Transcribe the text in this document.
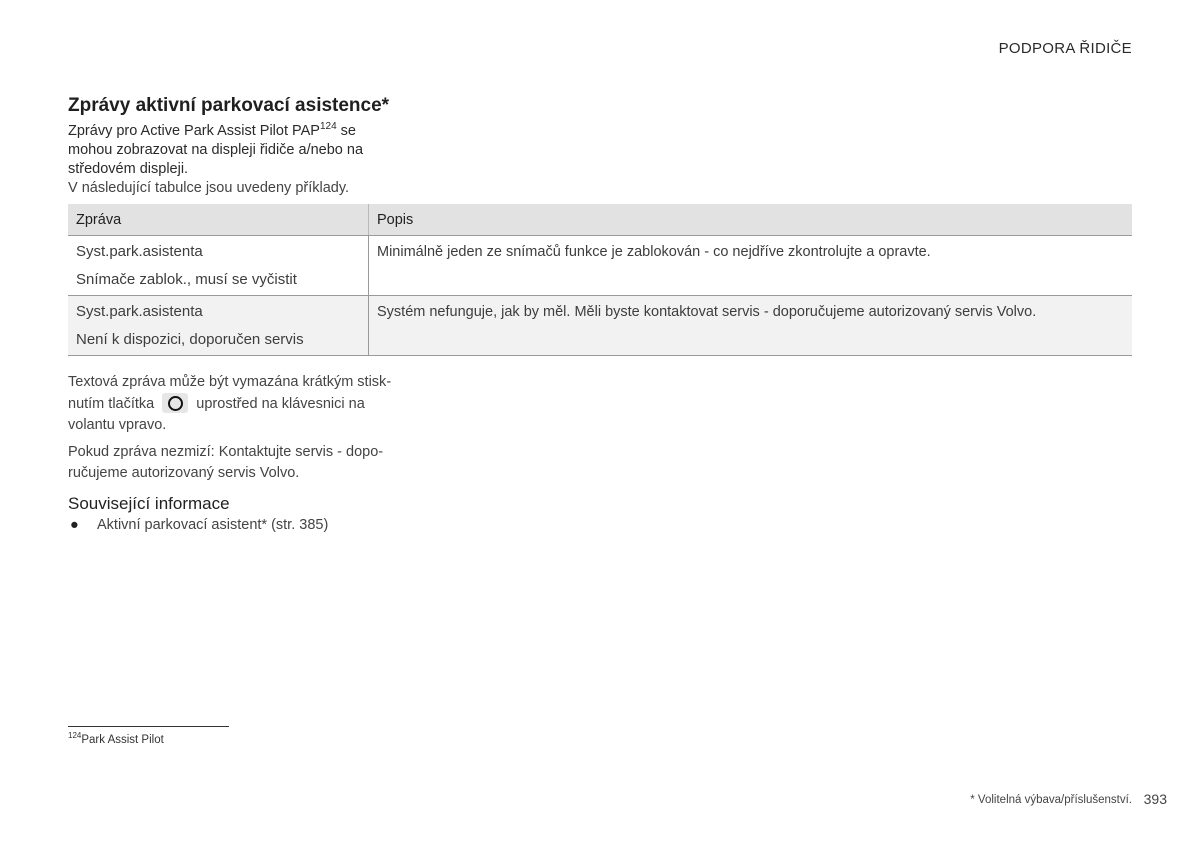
PODPORA ŘIDIČE
Zprávy aktivní parkovací asistence*
Zprávy pro Active Park Assist Pilot PAP$^{124}$ se mohou zobrazovat na displeji řidiče a/nebo na středovém displeji.
V následující tabulce jsou uvedeny příklady.
Zpráva	Popis

Syst.park.asistenta
Snímače zablok., musí se vyčistit	Minimálně jeden ze snímačů funkce je zablokován - co nejdříve zkontrolujte a opravte.

Syst.park.asistenta
Není k dispozici, doporučen servis	Systém nefunguje, jak by měl. Měli byste kontaktovat servis - doporučujeme autorizovaný servis Volvo.

Textová zpráva může být vymazána krátkým stisknutím tlačítka	uprostřed na klávesnici na volantu vpravo.

Pokud zpráva nezmizí: Kontaktujte servis - doporučujeme autorizovaný servis Volvo.

Související informace
● Aktivní parkovací asistent* (str. 385)
$^{124}$Park Assist Pilot
* Volitelná výbava/příslušenství. 393
